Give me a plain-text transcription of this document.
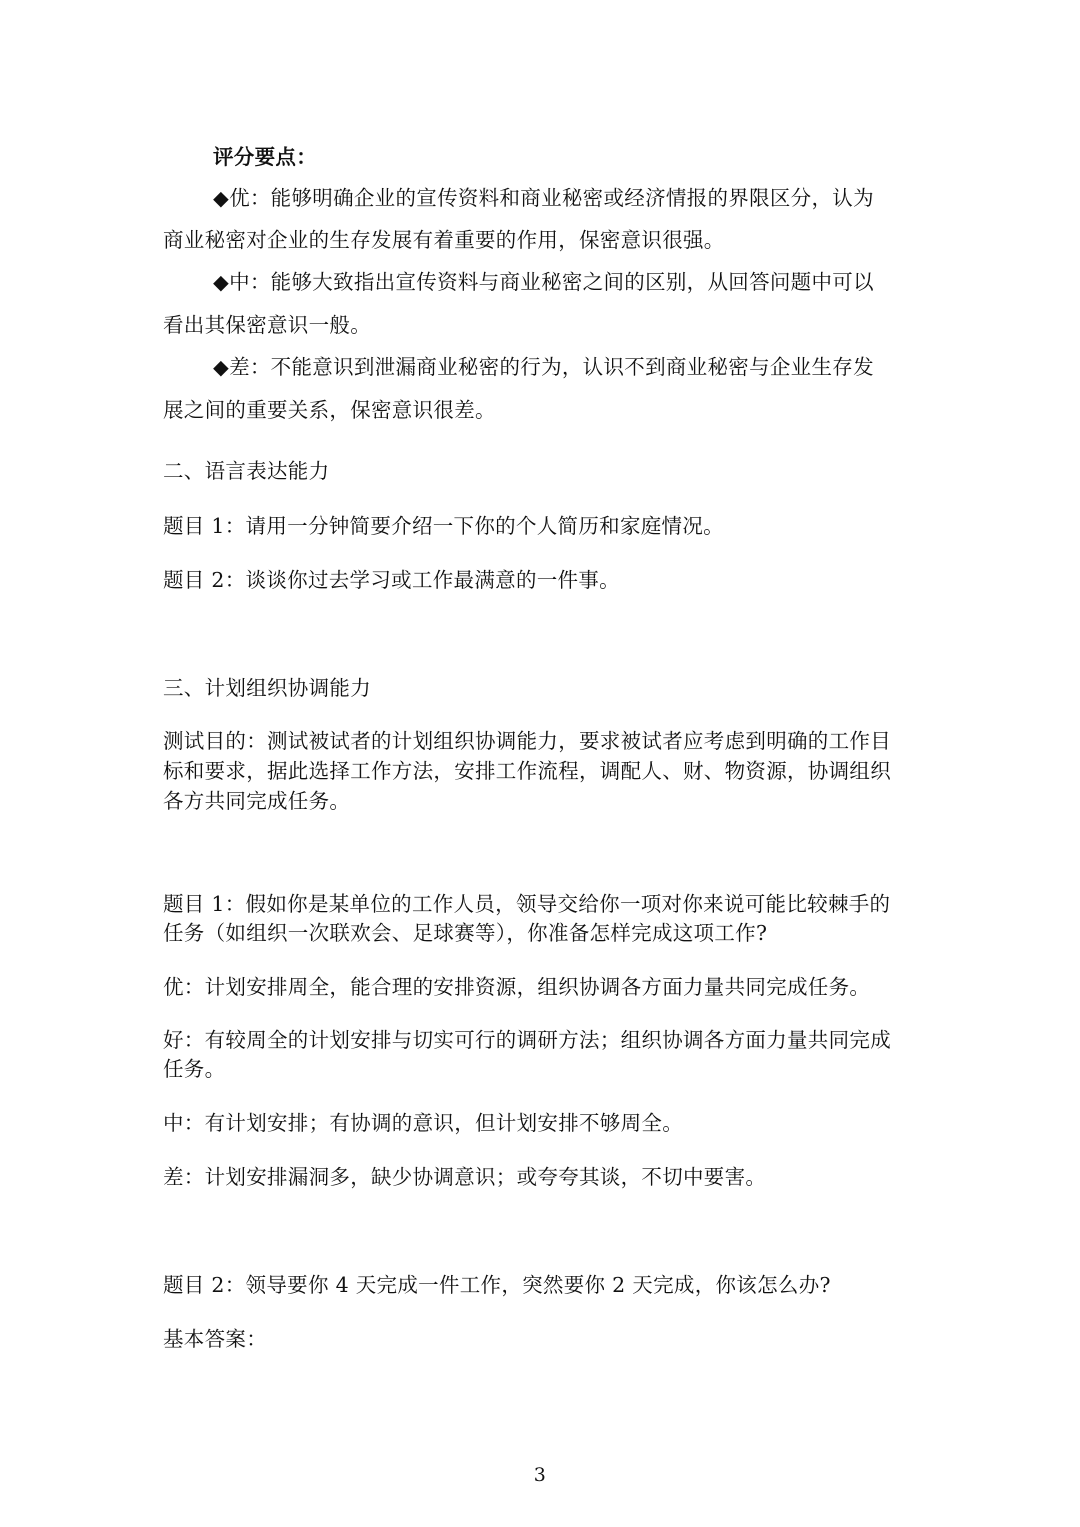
评分要点：
◆优：能够明确企业的宣传资料和商业秘密或经济情报的界限区分，认为
商业秘密对企业的生存发展有着重要的作用，保密意识很强。
◆中：能够大致指出宣传资料与商业秘密之间的区别，从回答问题中可以
看出其保密意识一般。
◆差：不能意识到泄漏商业秘密的行为，认识不到商业秘密与企业生存发
展之间的重要关系，保密意识很差。
二、语言表达能力
题目 1：请用一分钟简要介绍一下你的个人简历和家庭情况。
题目 2：谈谈你过去学习或工作最满意的一件事。
三、计划组织协调能力
测试目的：测试被试者的计划组织协调能力，要求被试者应考虑到明确的工作目
标和要求，据此选择工作方法，安排工作流程，调配人、财、物资源，协调组织
各方共同完成任务。
题目 1：假如你是某单位的工作人员，领导交给你一项对你来说可能比较棘手的
任务（如组织一次联欢会、足球赛等），你准备怎样完成这项工作?
优：计划安排周全，能合理的安排资源，组织协调各方面力量共同完成任务。
好：有较周全的计划安排与切实可行的调研方法；组织协调各方面力量共同完成
任务。
中：有计划安排；有协调的意识，但计划安排不够周全。
差：计划安排漏洞多，缺少协调意识；或夸夸其谈，不切中要害。
题目 2：领导要你 4 天完成一件工作，突然要你 2 天完成，你该怎么办?
基本答案：
3
